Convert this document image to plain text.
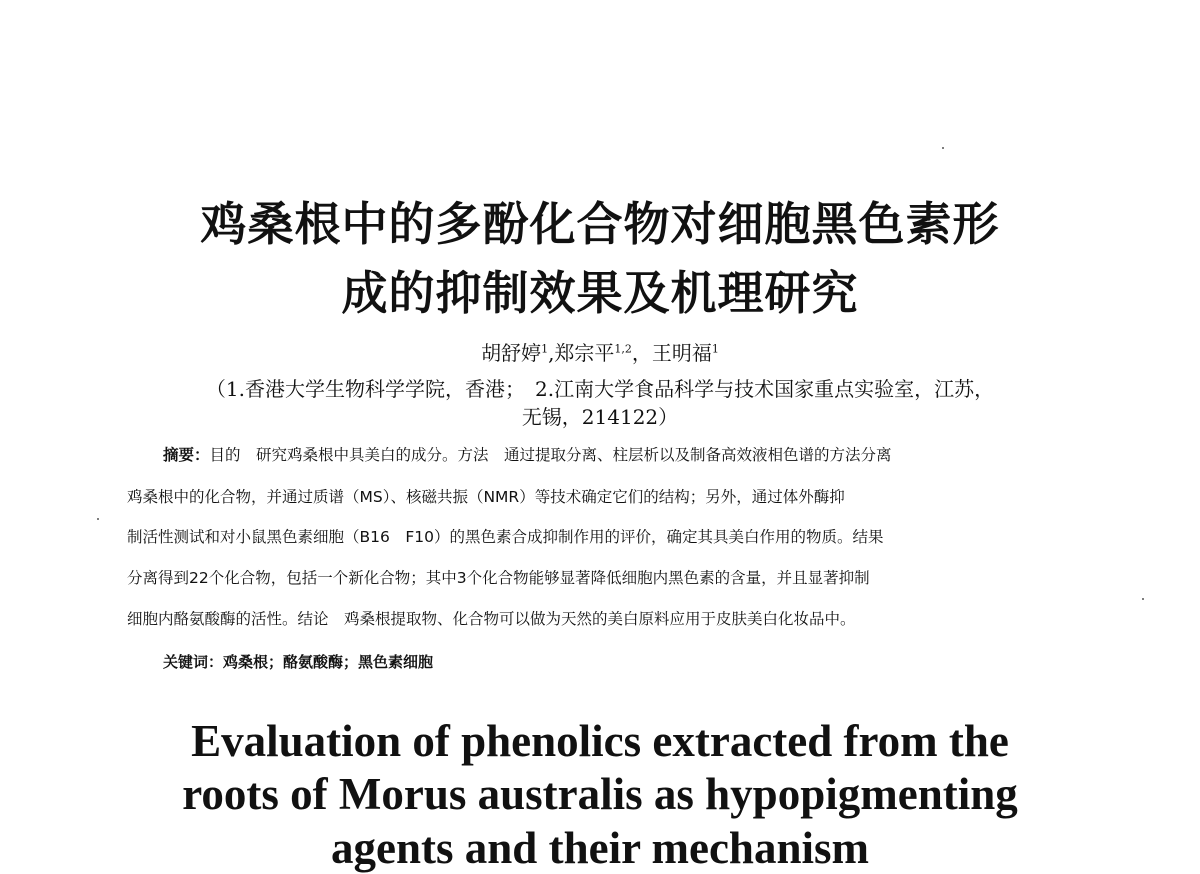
鸡桑根中的多酚化合物对细胞黑色素形
成的抑制效果及机理研究
胡舒婷$^1$,郑宗平$^{1,2}$，王明福$^1$
（1.香港大学生物科学学院，香港；　2.江南大学食品科学与技术国家重点实验室，江苏，
无锡，214122）
摘要：目的　研究鸡桑根中具美白的成分。方法　通过提取分离、柱层析以及制备高效液相色谱的方法分离
鸡桑根中的化合物，并通过质谱（MS）、核磁共振（NMR）等技术确定它们的结构；另外，通过体外酶抑
制活性测试和对小鼠黑色素细胞（B16　F10）的黑色素合成抑制作用的评价，确定其具美白作用的物质。结果
分离得到22个化合物，包括一个新化合物；其中3个化合物能够显著降低细胞内黑色素的含量，并且显著抑制
细胞内酪氨酸酶的活性。结论　鸡桑根提取物、化合物可以做为天然的美白原料应用于皮肤美白化妆品中。
关键词：鸡桑根；酪氨酸酶；黑色素细胞
Evaluation of phenolics extracted from the
roots of Morus australis as hypopigmenting
agents and their mechanism
